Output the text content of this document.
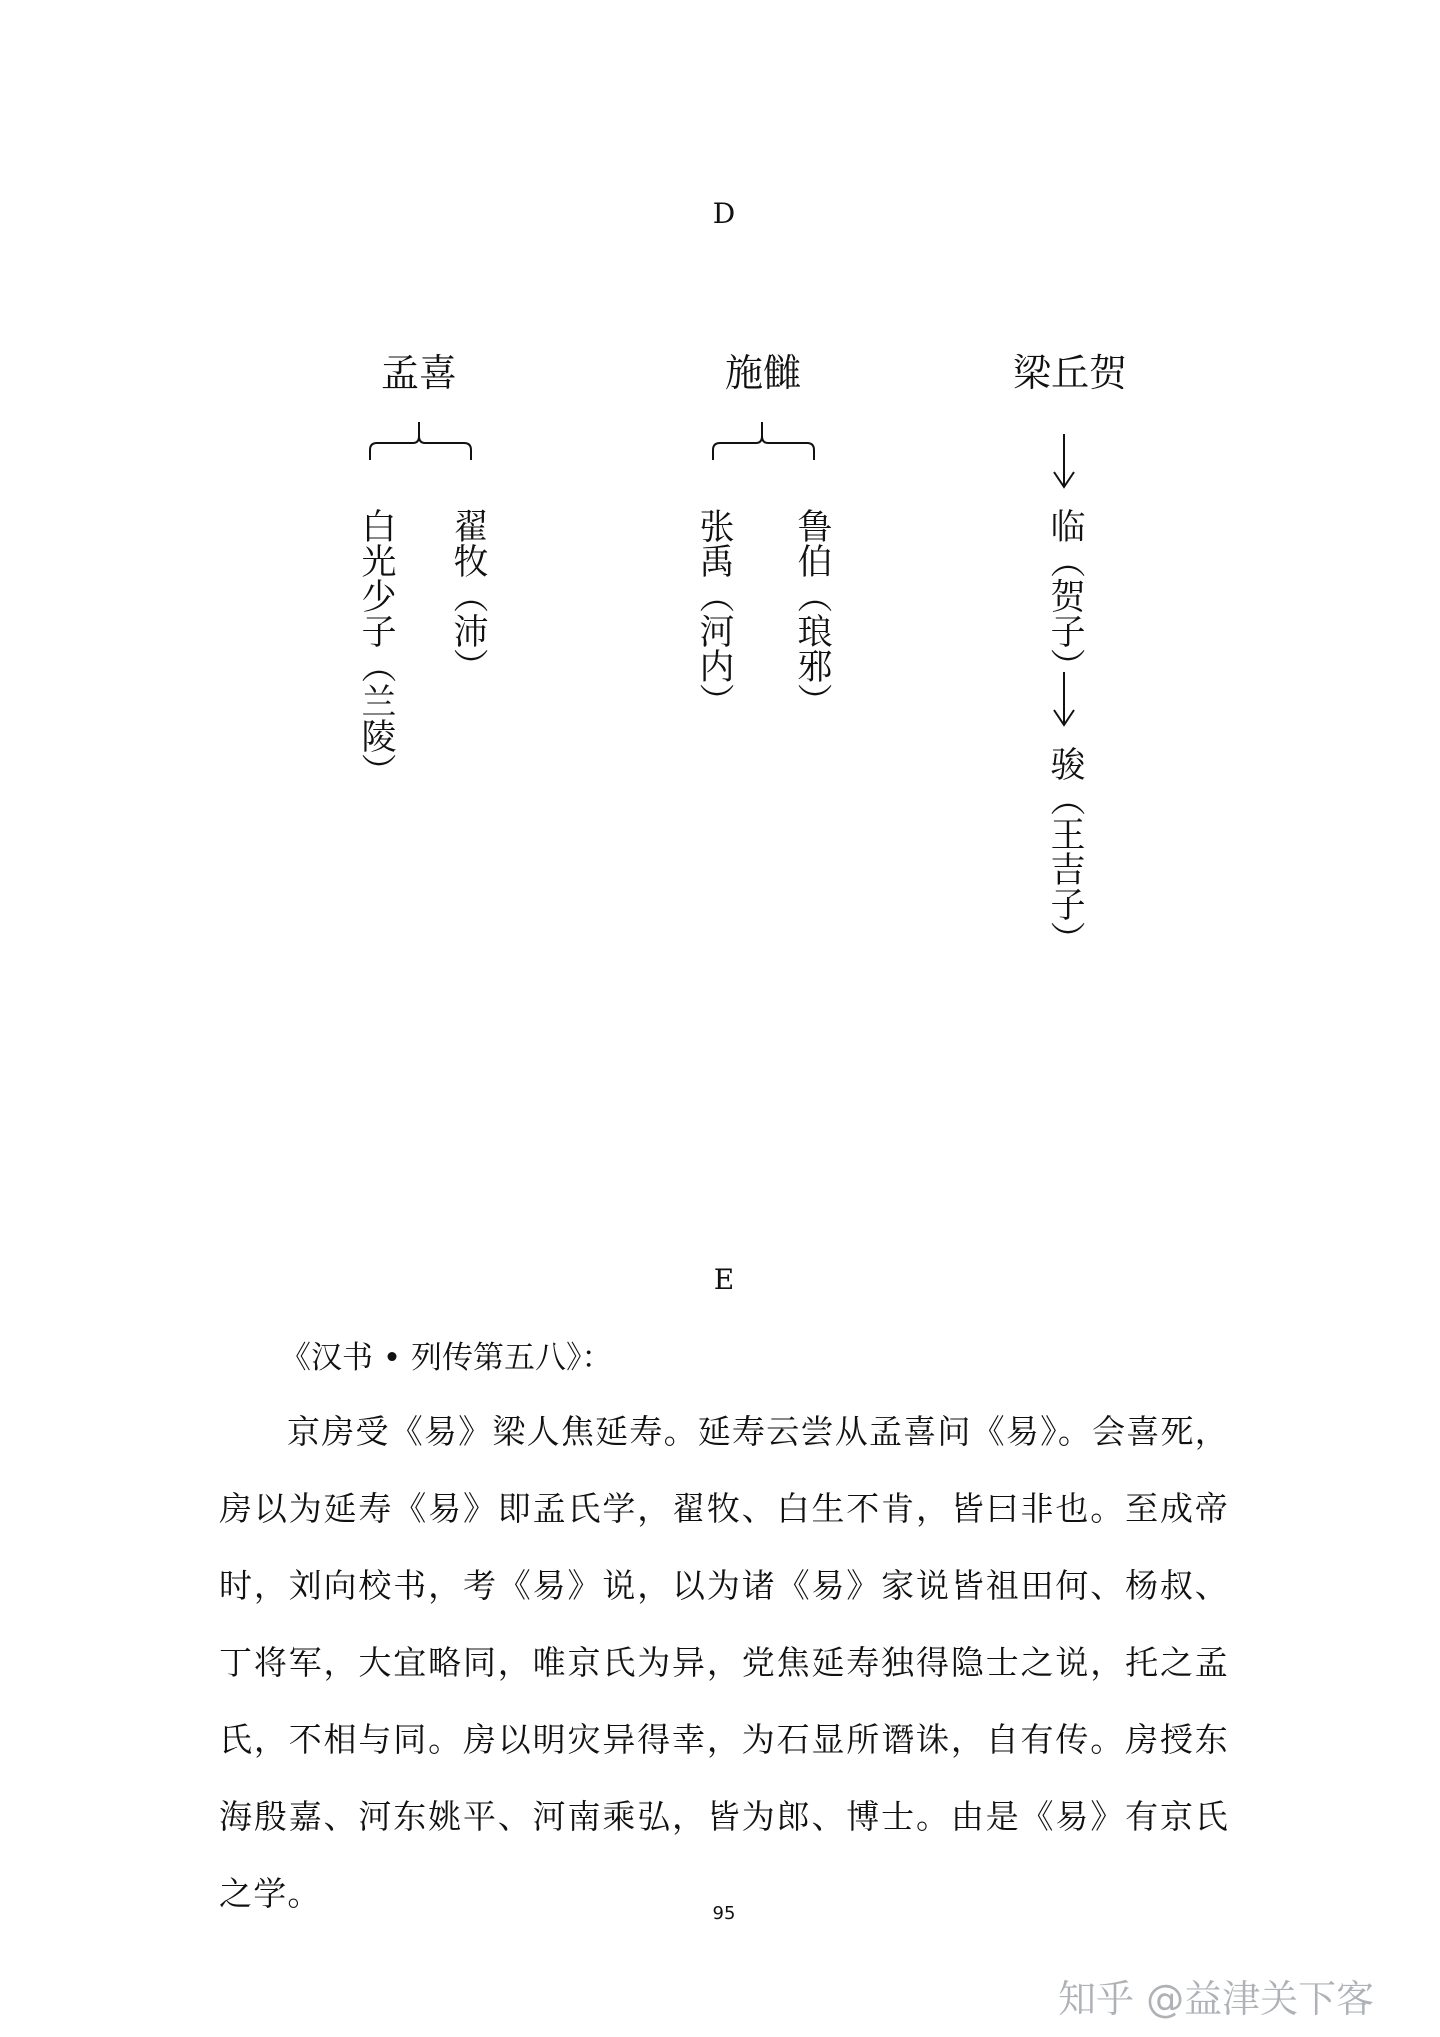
D
孟喜	施雠	梁丘贺
白光少子（兰陵）
翟牧（沛）
张禹（河内）
鲁伯（琅邪）
临（贺子）
骏（王吉子）
E
《汉书 • 列传第五八》：
京房受《易》梁人焦延寿。延寿云尝从孟喜问《易》。会喜死，房以为延寿《易》即孟氏学，翟牧、白生不肯，皆曰非也。至成帝时，刘向校书，考《易》说，以为诸《易》家说皆祖田何、杨叔、丁将军，大宜略同，唯京氏为异，党焦延寿独得隐士之说，托之孟氏，不相与同。房以明灾异得幸，为石显所谮诛，自有传。房授东海殷嘉、河东姚平、河南乘弘，皆为郎、博士。由是《易》有京氏之学。
95
知乎 @益津关下客
